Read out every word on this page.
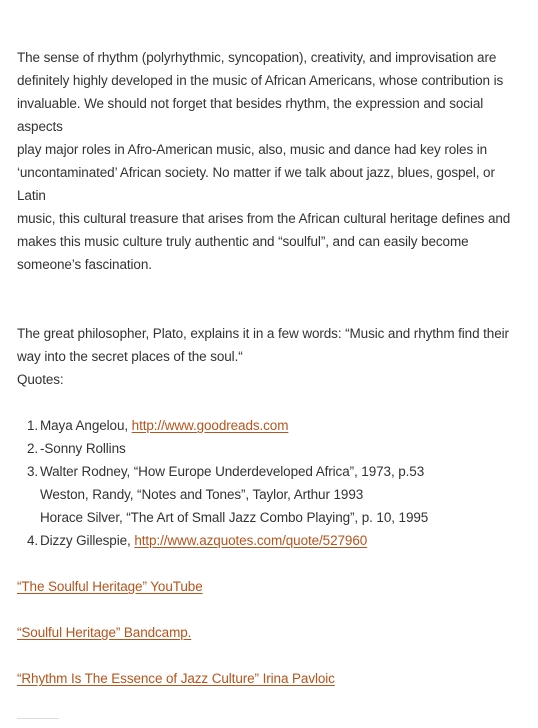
The sense of rhythm (polyrhythmic, syncopation), creativity, and improvisation are
definitely highly developed in the music of African Americans, whose contribution is
invaluable. We should not forget that besides rhythm, the expression and social
aspects
play major roles in Afro-American music, also, music and dance had key roles in
‘uncontaminated’ African society. No matter if we talk about jazz, blues, gospel, or
Latin
music, this cultural treasure that arises from the African cultural heritage defines and
makes this music culture truly authentic and “soulful”, and can easily become
someone’s fascination.

The great philosopher, Plato, explains it in a few words: “Music and rhythm find their
way into the secret places of the soul.“
Quotes:

1. Maya Angelou, http://www.goodreads.com
2. -Sonny Rollins
3. Walter Rodney, “How Europe Underdeveloped Africa”, 1973, p.53
Weston, Randy, “Notes and Tones”, Taylor, Arthur 1993
Horace Silver, “The Art of Small Jazz Combo Playing”, p. 10, 1995
4. Dizzy Gillespie, http://www.azquotes.com/quote/527960

“The Soulful Heritage” YouTube

“Soulful Heritage” Bandcamp.

“Rhythm Is The Essence of Jazz Culture” Irina Pavloic
